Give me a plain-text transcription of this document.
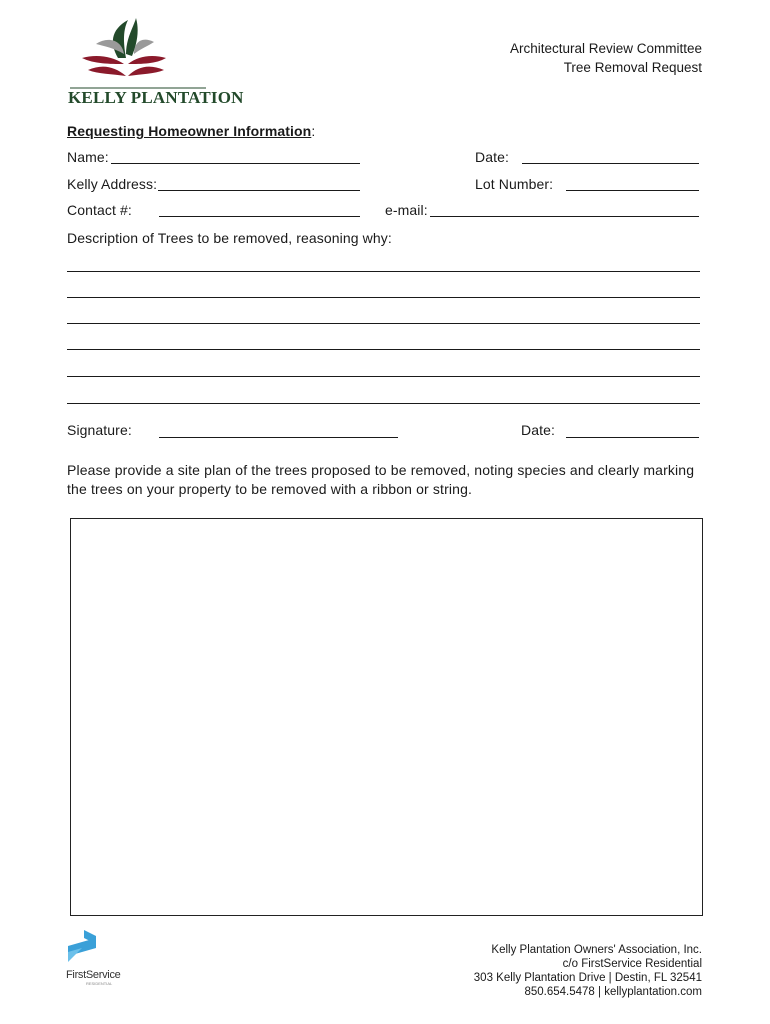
KELLY PLANTATION
Architectural Review Committee
Tree Removal Request
Requesting Homeowner Information:
Name:	Date:
Kelly Address:	Lot Number:
Contact #:	e-mail:
Description of Trees to be removed, reasoning why:
Signature:	Date:
Please provide a site plan of the trees proposed to be removed, noting species and clearly marking the trees on your property to be removed with a ribbon or string.
FirstService
RESIDENTIAL
Kelly Plantation Owners' Association, Inc.
c/o FirstService Residential
303 Kelly Plantation Drive | Destin, FL 32541
850.654.5478 | kellyplantation.com
